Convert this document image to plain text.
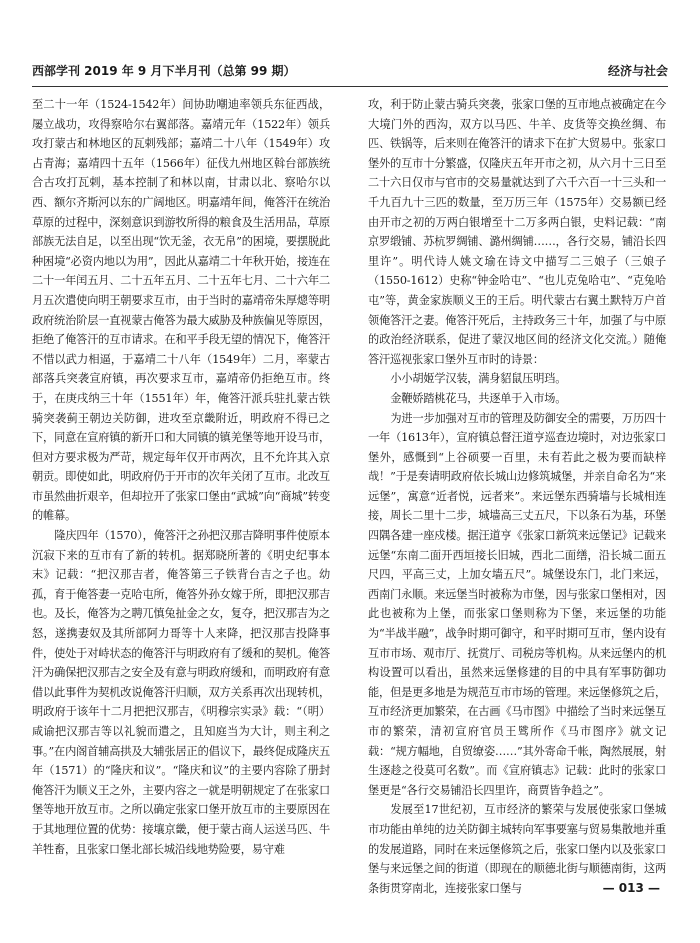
西部学刊 2019 年 9 月下半月刊（总第 99 期）	经济与社会

至二十一年（1524-1542年）间协助嘲迪率领兵东征西战，屡立战功，攻得察哈尔右翼部落。嘉靖元年（1522年）领兵攻打蒙古和林地区的瓦剌残部；嘉靖二十八年（1549年）攻占青海；嘉靖四十五年（1566年）征伐九州地区斡台部族统合古攻打瓦剌，基本控制了和林以南，甘肃以北、察哈尔以西、额尔齐斯河以东的广阔地区。明嘉靖年间，俺答汗在统治草原的过程中，深刻意识到游牧所得的粮食及生活用品，草原部族无法自足，以至出现“饮无釜，衣无帛”的困境，要摆脱此种困境“必资内地以为用”，因此从嘉靖二十年秋开始，接连在二十一年闰五月、二十五年五月、二十五年七月、二十六年二月五次遣使向明王朝要求互市，由于当时的嘉靖帝朱厚熜等明政府统治阶层一直视蒙古俺答为最大威胁及种族偏见等原因，拒绝了俺答汗的互市请求。在和平手段无望的情况下，俺答汗不惜以武力相逼，于嘉靖二十八年（1549年）二月，率蒙古部落兵突袭宣府镇，再次要求互市，嘉靖帝仍拒绝互市。终于，在庚戌纳三十年（1551年）年，俺答汗派兵驻扎蒙古铁骑突袭蓟王朝边关防御，进攻至京畿附近，明政府不得已之下，同意在宣府镇的新开口和大同镇的镇羌堡等地开设马市，但对方要求极为严苛，规定每年仅开市两次，且不允许其入京朝贡。即使如此，明政府仍于开市的次年关闭了互市。北改互市虽然曲折艰辛，但却拉开了张家口堡由“武城”向“商城”转变的帷幕。

隆庆四年（1570），俺答汗之孙把汉那吉降明事件使原本沉寂下来的互市有了新的转机。据郑晓所著的《明史纪事本末》记载：“把汉那吉者，俺答第三子铁背台吉之子也。幼孤，育于俺答妻一克哈屯所，俺答外孙女嫁于所，即把汉那吉也。及长，俺答为之聘兀慎兔扯金之女，复夺，把汉那吉为之怒，遂携妻奴及其所部阿力哥等十人来降，把汉那吉投降事件，使处于对峙状态的俺答汗与明政府有了缓和的契机。俺答汗为确保把汉那吉之安全及有意与明政府缓和，而明政府有意借以此事件为契机改说俺答汗归顺，双方关系再次出现转机，明政府于该年十二月把把汉那吉，《明穆宗实录》载：“（明）咸谕把汉那吉等以礼貌而遣之，且知庭当为大计，则主利之事。”在内阁首辅高拱及大辅张居正的倡议下，最终促成隆庆五年（1571）的“隆庆和议”。“隆庆和议”的主要内容除了册封俺答汗为顺义王之外，主要内容之一就是明朝规定了在张家口堡等地开放互市。之所以确定张家口堡开放互市的主要原因在于其地理位置的优势：接壤京畿，便于蒙古商人运送马匹、牛羊牲畜，且张家口堡北部长城沿线地势险要，易守难

攻，利于防止蒙古骑兵突袭，张家口堡的互市地点被确定在今大境门外的西沟，双方以马匹、牛羊、皮货等交换丝绸、布匹、铁锅等，后来则在俺答汗的请求下在扩大贸易中。张家口堡外的互市十分繁盛，仅隆庆五年开市之初，从六月十三日至二十六日仅市与官市的交易量就达到了六千六百一十三头和一千九百九十三匹的数量，至万历三年（1575年）交易额已经由开市之初的万两白银增至十二万多两白银，史料记载：“南京罗缎铺、苏杭罗绸铺、潞州绸铺……，各行交易，铺沿长四里许”。明代诗人姚文瑜在诗文中描写二三娘子（三娘子（1550-1612）史称“钟金哈屯”、“也儿克兔哈屯”、“克兔哈屯”等，黄金家族顺义王的王后。明代蒙古右翼土默特万户首领俺答汗之妻。俺答汗死后，主持政务三十年，加强了与中原的政治经济联系，促进了蒙汉地区间的经济文化交流。）随俺答汗巡视张家口堡外互市时的诗景：

小小胡姬学汉装，满身貂鼠压明珰。

金鞭娇踏桃花马，共逐单于入市场。

为进一步加强对互市的管理及防御安全的需要，万历四十一年（1613年），宣府镇总督汪道亨巡查边境时，对边张家口堡外，感慨到“上谷硕要一百里，未有若此之极为要而缺梓哉！”于是奏请明政府依长城山边修筑城堡，并亲自命名为“来远堡”，寓意“近者悦，远者来”。来远堡东西骑墙与长城相连接，周长二里十二步，城墙高三丈五尺，下以条石为基，环堡四隅各建一座戍楼。据汪道亨《张家口新筑来远堡记》记载来远堡“东南二面开西垣接长旧城，西北二面缮，沿长城二面五尺四，平高三丈，上加女墙五尺”。城堡设东门，北门来远，西南门永顺。来远堡当时被称为市堡，因与张家口堡相对，因此也被称为上堡，而张家口堡则称为下堡，来远堡的功能为“半战半融”，战争时期可御守，和平时期可互市，堡内设有互市市场、观市厅、抚赏厅、司税房等机构。从来远堡内的机构设置可以看出，虽然来远堡修建的目的中具有军事防御功能，但是更多地是为规范互市市场的管理。来远堡修筑之后，互市经济更加繁荣，在古画《马市图》中描绘了当时来远堡互市的繁荣，清初宣府官员王骘所作《马市图序》就文记载：“规方幅地，自贸缭姿……”其外寄命千帐，陶然展展，射生逐趁之役莫可名数”。而《宣府镇志》记载：此时的张家口堡更是“各行交易铺沿长四里许，商贾皆争趋之”。

发展至17世纪初，互市经济的繁荣与发展使张家口堡城市功能由单纯的边关防御主城转向军事要塞与贸易集散地并重的发展道路，同时在来远堡修筑之后，张家口堡内以及张家口堡与来远堡之间的街道（即现在的顺德北街与顺德南街，这两条街贯穿南北，连接张家口堡与	— 013 —
